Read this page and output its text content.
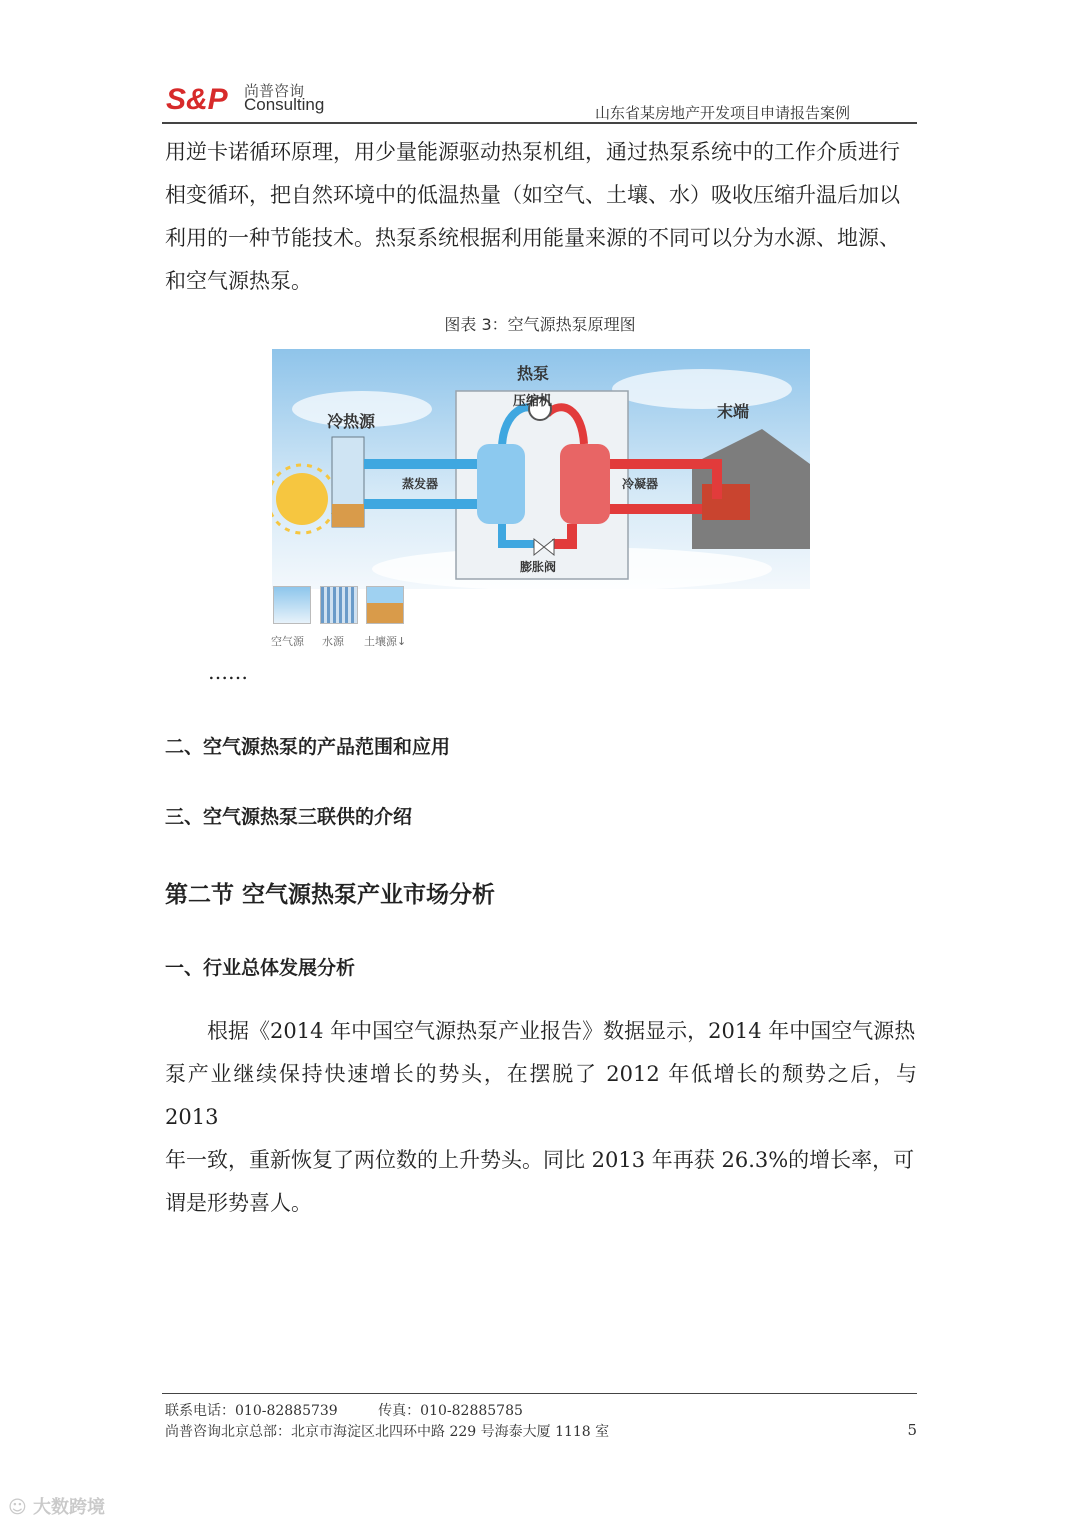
S&P 尚普咨询
Consulting	山东省某房地产开发项目申请报告案例

用逆卡诺循环原理，用少量能源驱动热泵机组，通过热泵系统中的工作介质进行

相变循环，把自然环境中的低温热量（如空气、土壤、水）吸收压缩升温后加以

利用的一种节能技术。热泵系统根据利用能量来源的不同可以分为水源、地源、

和空气源热泵。

图表 3：空气源热泵原理图
热泵
压缩机
冷热源
末端
蒸发器	冷凝器
膨胀阀
空气源 水源 土壤源↓
……
二、空气源热泵的产品范围和应用
三、空气源热泵三联供的介绍
第二节 空气源热泵产业市场分析
一、行业总体发展分析

根据《2014 年中国空气源热泵产业报告》数据显示，2014 年中国空气源热

泵产业继续保持快速增长的势头，在摆脱了 2012 年低增长的颓势之后，与 2013

年一致，重新恢复了两位数的上升势头。同比 2013 年再获 26.3%的增长率，可

谓是形势喜人。

联系电话：010-82885739	传真：010-82885785
尚普咨询北京总部：北京市海淀区北四环中路 229 号海泰大厦 1118 室	5
☺ 大数跨境
